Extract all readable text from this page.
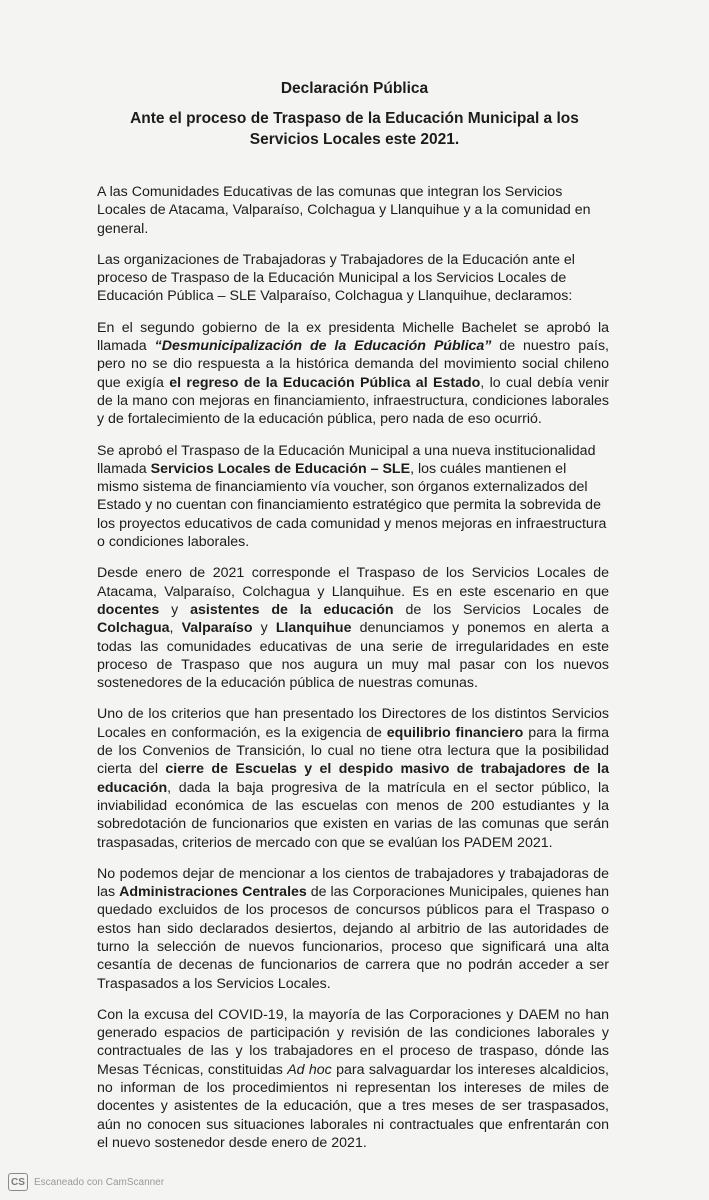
Declaración Pública
Ante el proceso de Traspaso de la Educación Municipal a los Servicios Locales este 2021.

A las Comunidades Educativas de las comunas que integran los Servicios Locales de Atacama, Valparaíso, Colchagua y Llanquihue y a la comunidad en general.

Las organizaciones de Trabajadoras y Trabajadores de la Educación ante el proceso de Traspaso de la Educación Municipal a los Servicios Locales de Educación Pública – SLE Valparaíso, Colchagua y Llanquihue, declaramos:

En el segundo gobierno de la ex presidenta Michelle Bachelet se aprobó la llamada “Desmunicipalización de la Educación Pública” de nuestro país, pero no se dio respuesta a la histórica demanda del movimiento social chileno que exigía el regreso de la Educación Pública al Estado, lo cual debía venir de la mano con mejoras en financiamiento, infraestructura, condiciones laborales y de fortalecimiento de la educación pública, pero nada de eso ocurrió.

Se aprobó el Traspaso de la Educación Municipal a una nueva institucionalidad llamada Servicios Locales de Educación – SLE, los cuáles mantienen el mismo sistema de financiamiento vía voucher, son órganos externalizados del Estado y no cuentan con financiamiento estratégico que permita la sobrevida de los proyectos educativos de cada comunidad y menos mejoras en infraestructura o condiciones laborales.

Desde enero de 2021 corresponde el Traspaso de los Servicios Locales de Atacama, Valparaíso, Colchagua y Llanquihue. Es en este escenario en que docentes y asistentes de la educación de los Servicios Locales de Colchagua, Valparaíso y Llanquihue denunciamos y ponemos en alerta a todas las comunidades educativas de una serie de irregularidades en este proceso de Traspaso que nos augura un muy mal pasar con los nuevos sostenedores de la educación pública de nuestras comunas.

Uno de los criterios que han presentado los Directores de los distintos Servicios Locales en conformación, es la exigencia de equilibrio financiero para la firma de los Convenios de Transición, lo cual no tiene otra lectura que la posibilidad cierta del cierre de Escuelas y el despido masivo de trabajadores de la educación, dada la baja progresiva de la matrícula en el sector público, la inviabilidad económica de las escuelas con menos de 200 estudiantes y la sobredotación de funcionarios que existen en varias de las comunas que serán traspasadas, criterios de mercado con que se evalúan los PADEM 2021.

No podemos dejar de mencionar a los cientos de trabajadores y trabajadoras de las Administraciones Centrales de las Corporaciones Municipales, quienes han quedado excluidos de los procesos de concursos públicos para el Traspaso o estos han sido declarados desiertos, dejando al arbitrio de las autoridades de turno la selección de nuevos funcionarios, proceso que significará una alta cesantía de decenas de funcionarios de carrera que no podrán acceder a ser Traspasados a los Servicios Locales.

Con la excusa del COVID-19, la mayoría de las Corporaciones y DAEM no han generado espacios de participación y revisión de las condiciones laborales y contractuales de las y los trabajadores en el proceso de traspaso, dónde las Mesas Técnicas, constituidas Ad hoc para salvaguardar los intereses alcaldicios, no informan de los procedimientos ni representan los intereses de miles de docentes y asistentes de la educación, que a tres meses de ser traspasados, aún no conocen sus situaciones laborales ni contractuales que enfrentarán con el nuevo sostenedor desde enero de 2021.

CS Escaneado con CamScanner
